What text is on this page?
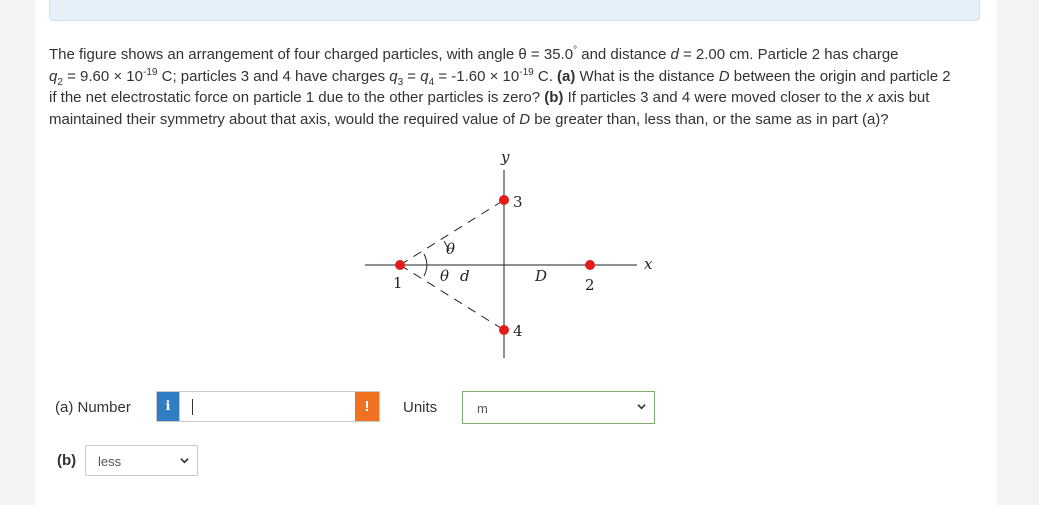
The figure shows an arrangement of four charged particles, with angle θ = 35.0° and distance d = 2.00 cm. Particle 2 has charge
$q_2 = 9.60 \times 10^{-19}$ C; particles 3 and 4 have charges $q_3 = q_4 = -1.60 \times 10^{-19}$ C. (a) What is the distance D between the origin and particle 2
if the net electrostatic force on particle 1 due to the other particles is zero? (b) If particles 3 and 4 were moved closer to the x axis but
maintained their symmetry about that axis, would the required value of D be greater than, less than, or the same as in part (a)?

y
x
θ
θ d	D
1	2
3
4
(a) Number	i	!	Units	m
(b) less
